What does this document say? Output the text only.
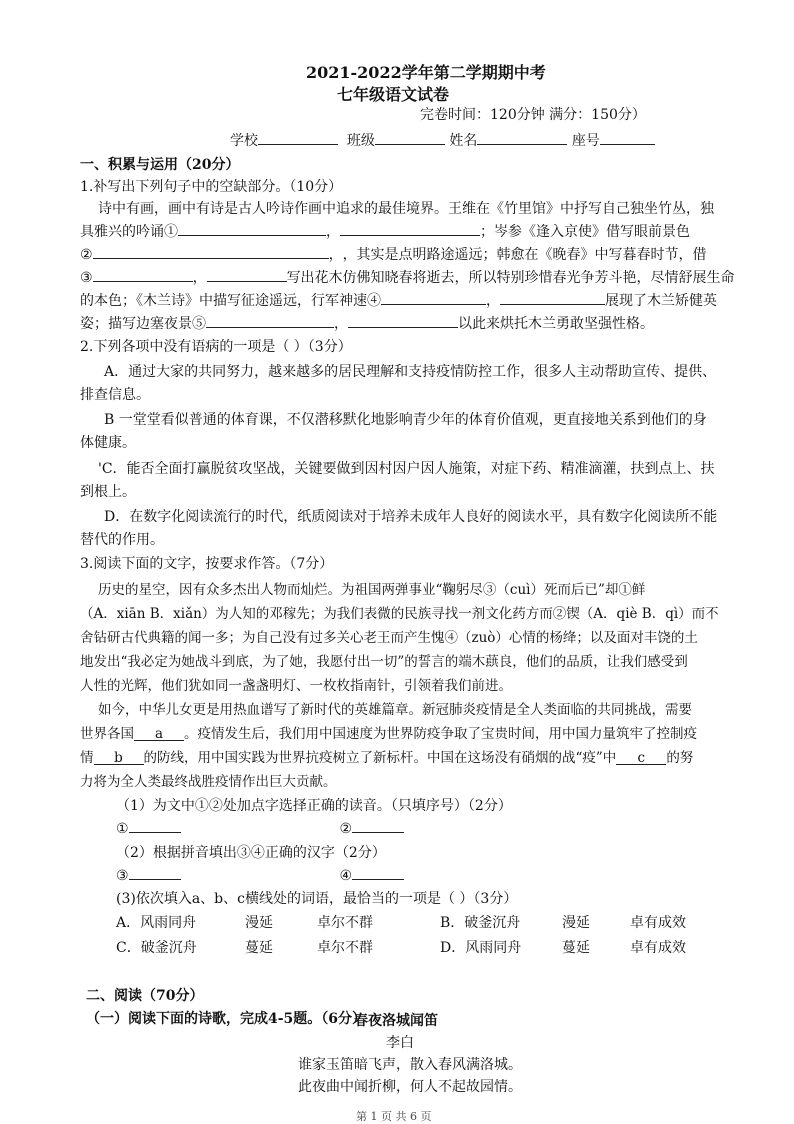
2021-2022学年第二学期期中考
七年级语文试卷
完卷时间：120分钟 满分：150分）
学校	班级	姓名	座号
一、积累与运用（20分）
1.补写出下列句子中的空缺部分。（10分）
诗中有画，画中有诗是古人吟诗作画中追求的最佳境界。王维在《竹里馆》中抒写自己独坐竹丛，独
具雅兴的吟诵①	，	；岑参《逢入京使》借写眼前景色
②	，，其实是点明路途遥远；韩愈在《晚春》中写暮春时节，借
③	，	写出花木仿佛知晓春将逝去，所以特别珍惜春光争芳斗艳，尽情舒展生命
的本色；《木兰诗》中描写征途遥远，行军神速④	，	展现了木兰矫健英
姿；描写边塞夜景⑤	，	以此来烘托木兰勇敢坚强性格。
2.下列各项中没有语病的一项是（ ）（3分）
A．通过大家的共同努力，越来越多的居民理解和支持疫情防控工作，很多人主动帮助宣传、提供、
排查信息。
B 一堂堂看似普通的体育课，不仅潜移默化地影响青少年的体育价值观，更直接地关系到他们的身
体健康。
'C．能否全面打赢脱贫攻坚战，关键要做到因村因户因人施策，对症下药、精准滴灌，扶到点上、扶
到根上。
D．在数字化阅读流行的时代，纸质阅读对于培养未成年人良好的阅读水平，具有数字化阅读所不能
替代的作用。
3.阅读下面的文字，按要求作答。（7分）
历史的星空，因有众多杰出人物而灿烂。为祖国两弹事业“鞠躬尽③（cuì）死而后已”却①鲜
（A．xiān B．xiǎn）为人知的邓稼先；为我们表微的民族寻找一剂文化药方而②锲（A．qiè B．qì）而不
舍钻研古代典籍的闻一多；为自己没有过多关心老王而产生愧④（zuò）心情的杨绛；以及面对丰饶的土
地发出“我必定为她战斗到底，为了她，我愿付出一切”的誓言的端木蕻良，他们的品质，让我们感受到
人性的光辉，他们犹如同一盏盏明灯、一枚枚指南针，引领着我们前进。
如今，中华儿女更是用热血谱写了新时代的英雄篇章。新冠肺炎疫情是全人类面临的共同挑战，需要
世界各国 a 。疫情发生后，我们用中国速度为世界防疫争取了宝贵时间，用中国力量筑牢了控制疫
情 b 的防线，用中国实践为世界抗疫树立了新标杆。中国在这场没有硝烟的战“疫”中 c 的努
力将为全人类最终战胜疫情作出巨大贡献。
（1）为文中①②处加点字选择正确的读音。（只填序号）（2分）
①	②
（2）根据拼音填出③④正确的汉字（2分）
③	④
(3)依次填入a、b、c横线处的词语，最恰当的一项是（ ）（3分）
A．风雨同舟	漫延	卓尔不群	B．破釜沉舟	漫延	卓有成效
C．破釜沉舟	蔓延	卓尔不群	D．风雨同舟	蔓延	卓有成效
二、阅读（70分）
（一）阅读下面的诗歌，完成4-5题。（6分）
春夜洛城闻笛
李白
谁家玉笛暗飞声，散入春风满洛城。
此夜曲中闻折柳，何人不起故园情。
第 1 页 共 6 页
